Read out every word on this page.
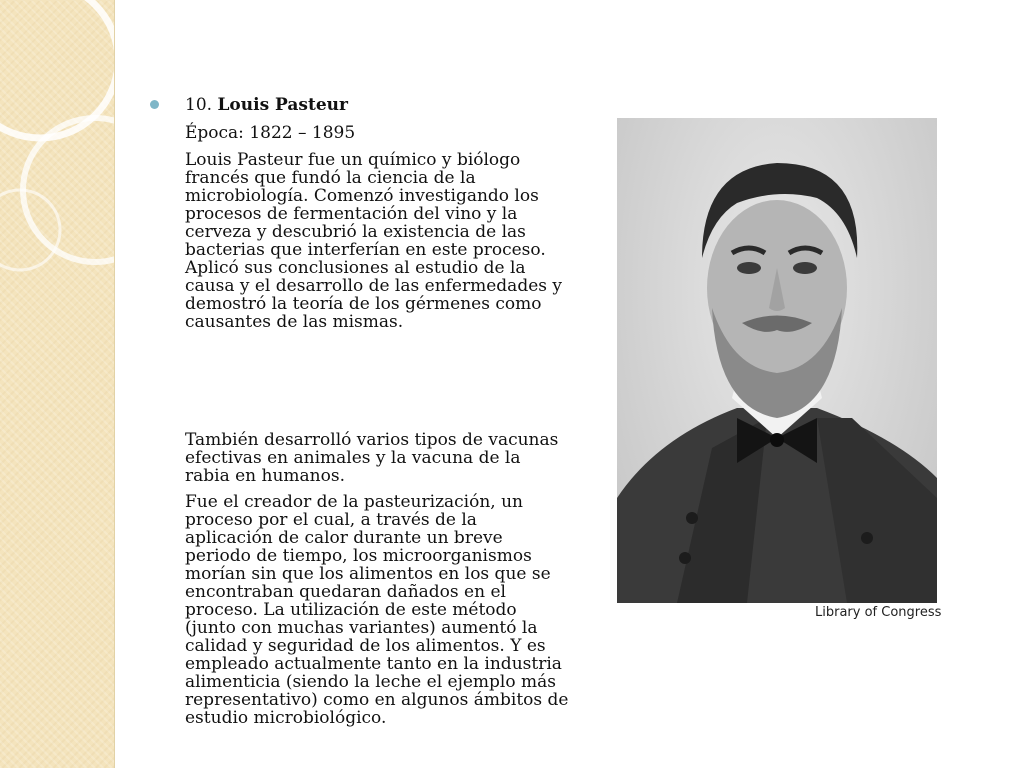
10. Louis Pasteur
Época: 1822 – 1895
Louis Pasteur fue un químico y biólogo francés que fundó la ciencia de la microbiología. Comenzó investigando los procesos de fermentación del vino y la cerveza y descubrió la existencia de las bacterias que interferían en este proceso. Aplicó sus conclusiones al estudio de la causa y el desarrollo de las enfermedades y demostró la teoría de los gérmenes como causantes de las mismas.
También desarrolló varios tipos de vacunas efectivas en animales y la vacuna de la rabia en humanos.
Fue el creador de la pasteurización, un proceso por el cual, a través de la aplicación de calor durante un breve periodo de tiempo, los microorganismos morían sin que los alimentos en los que se encontraban quedaran dañados en el proceso. La utilización de este método (junto con muchas variantes) aumentó la calidad y seguridad de los alimentos. Y es empleado actualmente tanto en la industria alimenticia (siendo la leche el ejemplo más representativo) como en algunos ámbitos de estudio microbiológico.
Library of Congress
